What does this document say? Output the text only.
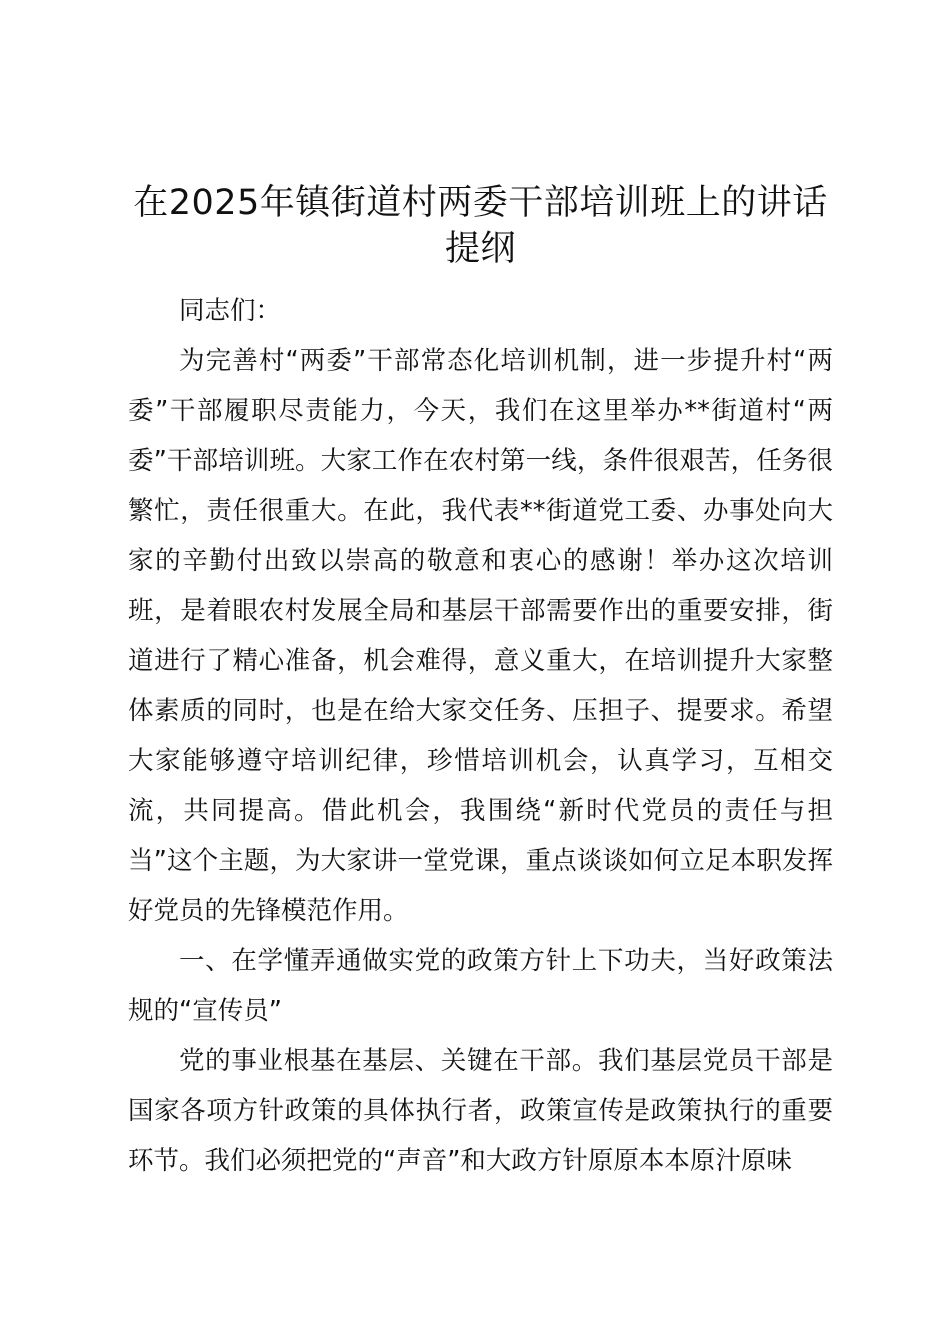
在2025年镇街道村两委干部培训班上的讲话
提纲

同志们：

为完善村“两委”干部常态化培训机制，进一步提升村“两委”干部履职尽责能力，今天，我们在这里举办**街道村“两委”干部培训班。大家工作在农村第一线，条件很艰苦，任务很繁忙，责任很重大。在此，我代表**街道党工委、办事处向大家的辛勤付出致以崇高的敬意和衷心的感谢！举办这次培训班，是着眼农村发展全局和基层干部需要作出的重要安排，街道进行了精心准备，机会难得，意义重大，在培训提升大家整体素质的同时，也是在给大家交任务、压担子、提要求。希望大家能够遵守培训纪律，珍惜培训机会，认真学习，互相交流，共同提高。借此机会，我围绕“新时代党员的责任与担当”这个主题，为大家讲一堂党课，重点谈谈如何立足本职发挥好党员的先锋模范作用。

一、在学懂弄通做实党的政策方针上下功夫，当好政策法规的“宣传员”

党的事业根基在基层、关键在干部。我们基层党员干部是国家各项方针政策的具体执行者，政策宣传是政策执行的重要环节。我们必须把党的“声音”和大政方针原原本本原汁原味
